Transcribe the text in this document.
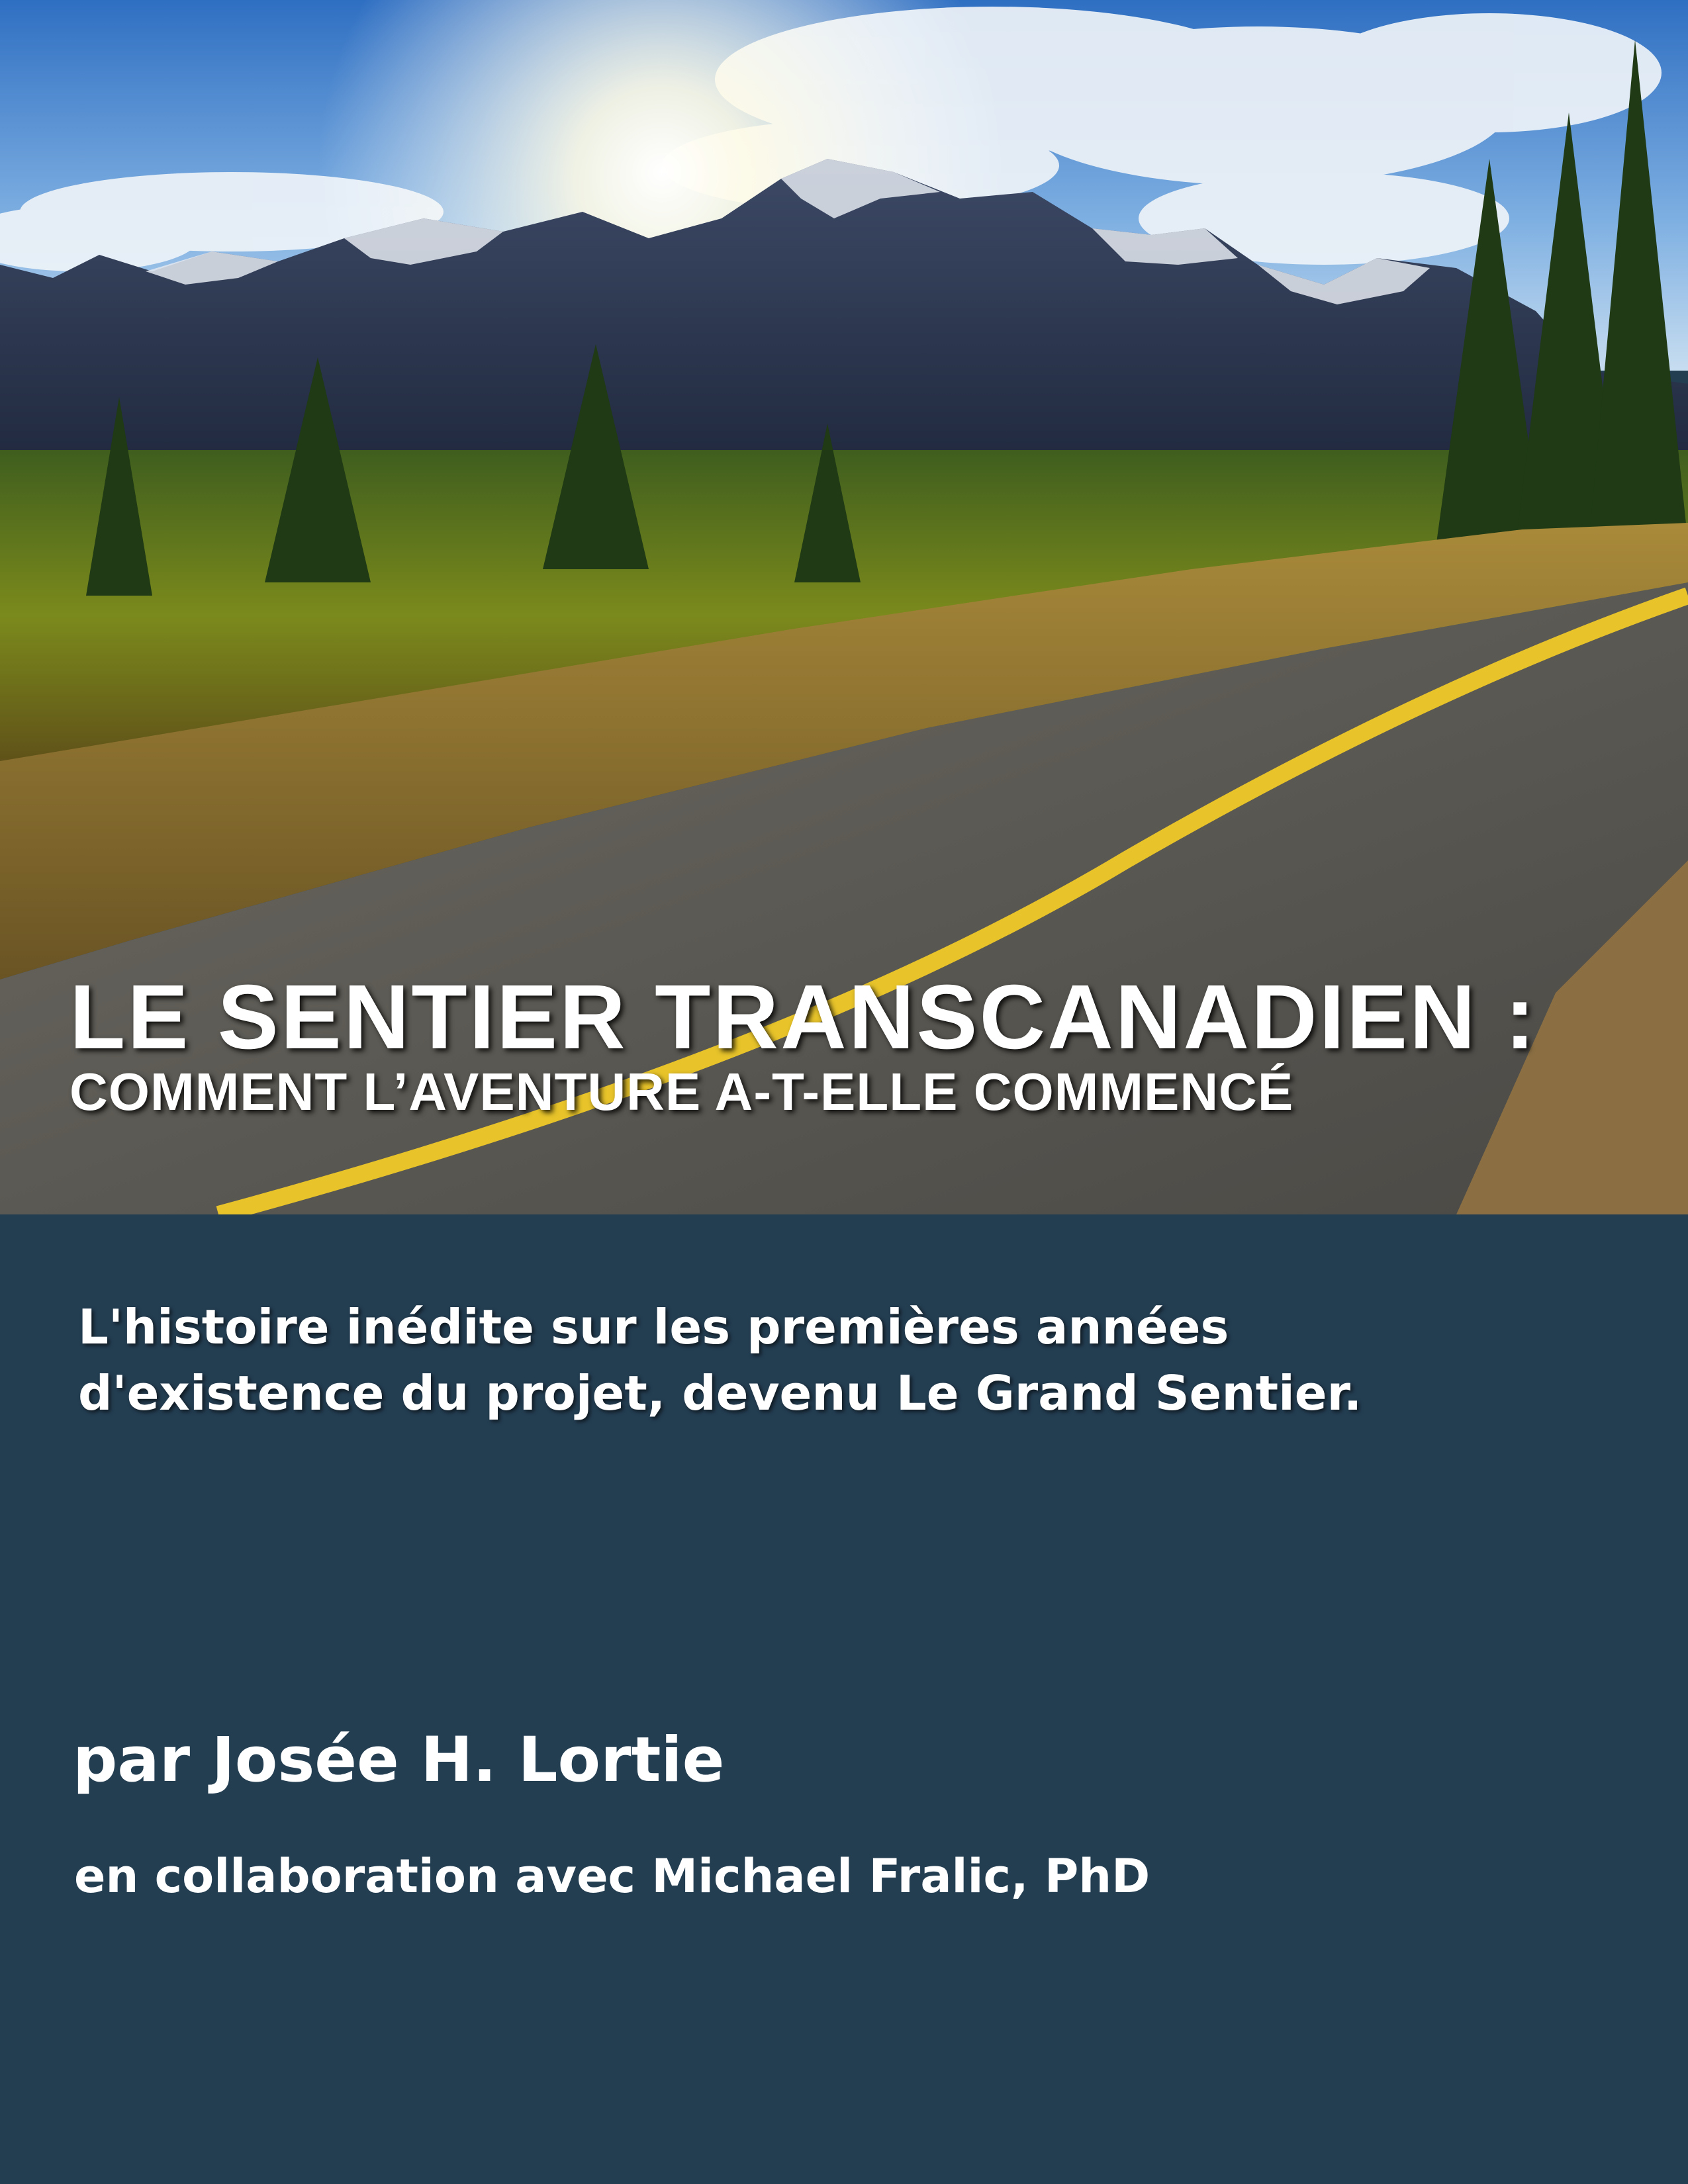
LE SENTIER TRANSCANADIEN :
COMMENT L’AVENTURE A-T-ELLE COMMENCÉ
L'histoire inédite sur les premières années
d'existence du projet, devenu Le Grand Sentier.
par Josée H. Lortie
en collaboration avec Michael Fralic, PhD
